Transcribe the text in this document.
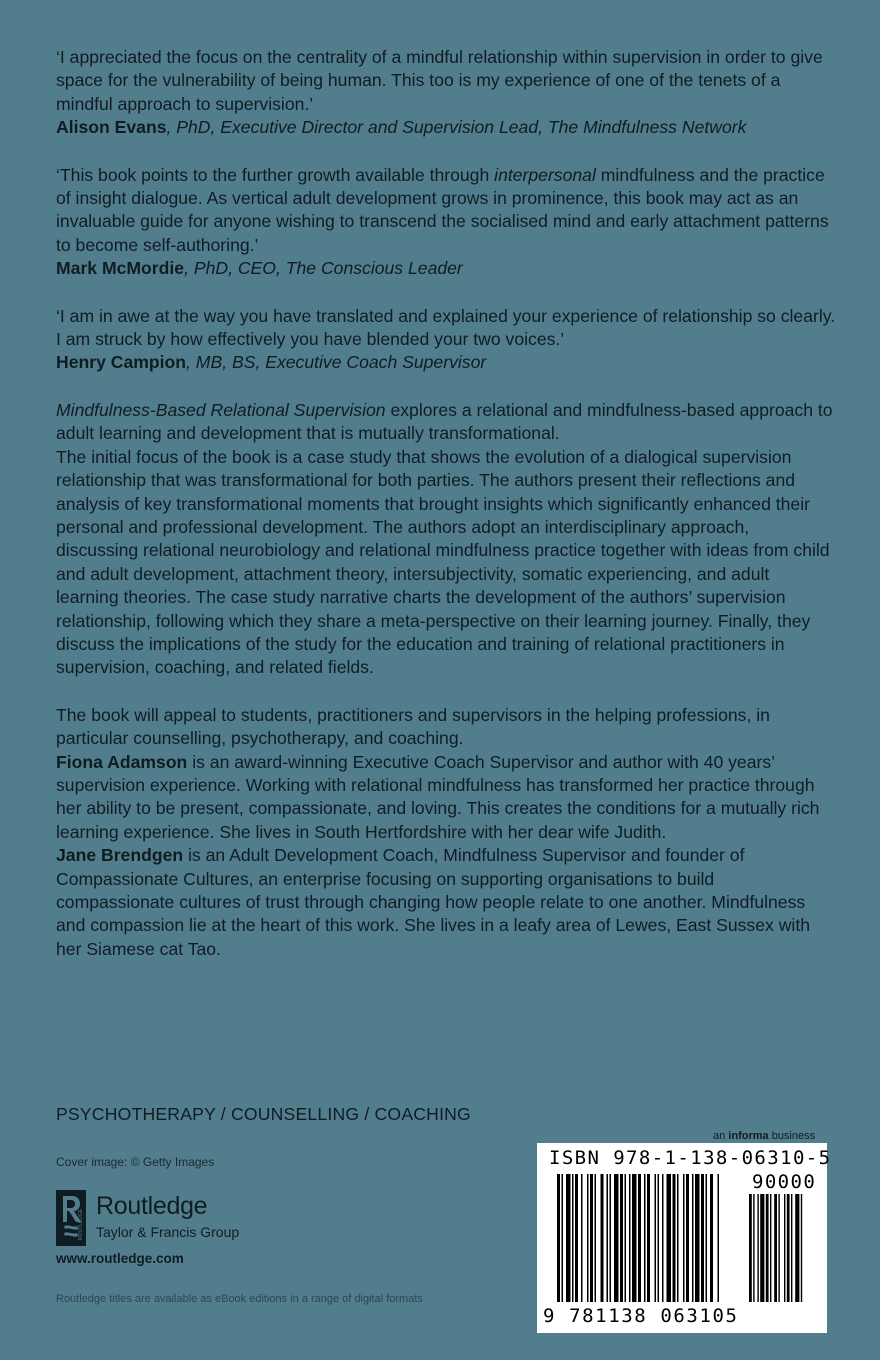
‘I appreciated the focus on the centrality of a mindful relationship within supervision in order to give space for the vulnerability of being human. This too is my experience of one of the tenets of a mindful approach to supervision.’

Alison Evans, PhD, Executive Director and Supervision Lead, The Mindfulness Network

‘This book points to the further growth available through interpersonal mindfulness and the practice of insight dialogue. As vertical adult development grows in prominence, this book may act as an invaluable guide for anyone wishing to transcend the socialised mind and early attachment patterns to become self-authoring.’

Mark McMordie, PhD, CEO, The Conscious Leader

‘I am in awe at the way you have translated and explained your experience of relationship so clearly. I am struck by how effectively you have blended your two voices.’

Henry Campion, MB, BS, Executive Coach Supervisor

Mindfulness-Based Relational Supervision explores a relational and mindfulness-based approach to adult learning and development that is mutually transformational.

The initial focus of the book is a case study that shows the evolution of a dialogical supervision relationship that was transformational for both parties. The authors present their reflections and analysis of key transformational moments that brought insights which significantly enhanced their personal and professional development. The authors adopt an interdisciplinary approach, discussing relational neurobiology and relational mindfulness practice together with ideas from child and adult development, attachment theory, intersubjectivity, somatic experiencing, and adult learning theories. The case study narrative charts the development of the authors’ supervision relationship, following which they share a meta-perspective on their learning journey. Finally, they discuss the implications of the study for the education and training of relational practitioners in supervision, coaching, and related fields.

The book will appeal to students, practitioners and supervisors in the helping professions, in particular counselling, psychotherapy, and coaching.

Fiona Adamson is an award-winning Executive Coach Supervisor and author with 40 years’ supervision experience. Working with relational mindfulness has transformed her practice through her ability to be present, compassionate, and loving. This creates the conditions for a mutually rich learning experience. She lives in South Hertfordshire with her dear wife Judith.

Jane Brendgen is an Adult Development Coach, Mindfulness Supervisor and founder of Compassionate Cultures, an enterprise focusing on supporting organisations to build compassionate cultures of trust through changing how people relate to one another. Mindfulness and compassion lie at the heart of this work. She lives in a leafy area of Lewes, East Sussex with her Siamese cat Tao.

PSYCHOTHERAPY / COUNSELLING / COACHING
an informa business
Cover image: © Getty Images
ROUTLEDGE
Routledge
Taylor & Francis Group
www.routledge.com
Routledge titles are available as eBook editions in a range of digital formats
ISBN 978-1-138-06310-5
90000
9 781138 063105
